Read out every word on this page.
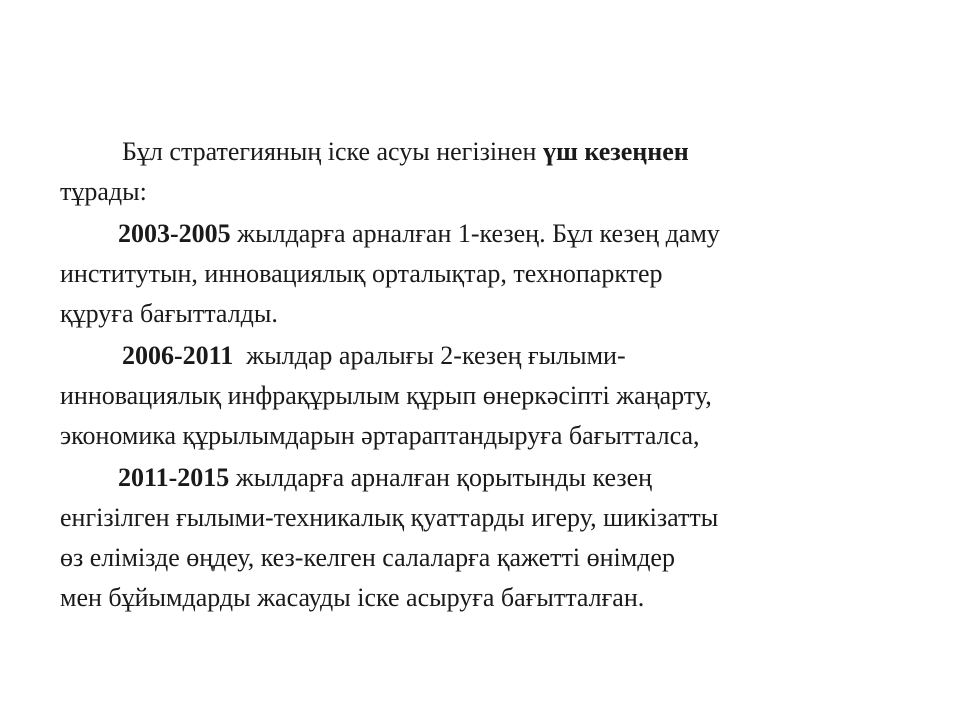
Бұл стратегияның іске асуы негізінен үш кезеңнен
тұрады:
2003-2005 жылдарға арналған 1-кезең. Бұл кезең даму
институтын, инновациялық орталықтар, технопарктер
құруға бағытталды.
2006-2011  жылдар аралығы 2-кезең ғылыми-
инновациялық инфрақұрылым құрып өнеркәсіпті жаңарту,
экономика құрылымдарын әртараптандыруға бағытталса,
2011-2015 жылдарға арналған қорытынды кезең
енгізілген ғылыми-техникалық қуаттарды игеру, шикізатты
өз елімізде өңдеу, кез-келген салаларға қажетті өнімдер
мен бұйымдарды жасауды іске асыруға бағытталған.
